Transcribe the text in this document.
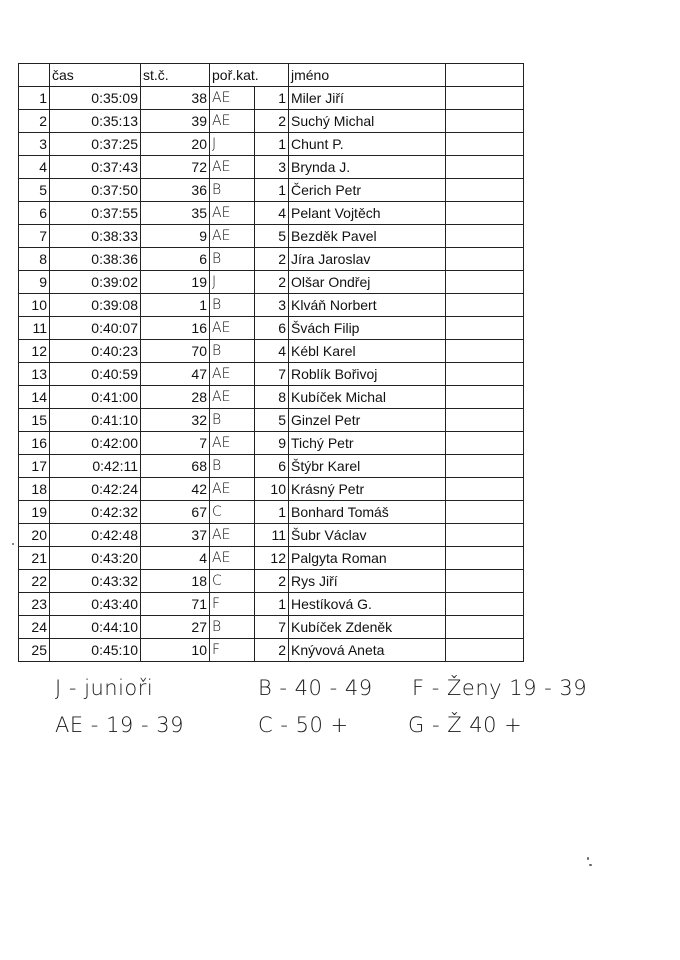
	čas	st.č.	poř.kat.		jméno	
1	0:35:09	38	AE	1	Miler Jiří	
2	0:35:13	39	AE	2	Suchý Michal	
3	0:37:25	20	J	1	Chunt P.	
4	0:37:43	72	AE	3	Brynda J.	
5	0:37:50	36	B	1	Čerich Petr	
6	0:37:55	35	AE	4	Pelant Vojtěch	
7	0:38:33	9	AE	5	Bezděk Pavel	
8	0:38:36	6	B	2	Jíra Jaroslav	
9	0:39:02	19	J	2	Olšar Ondřej	
10	0:39:08	1	B	3	Klváň Norbert	
11	0:40:07	16	AE	6	Švách Filip	
12	0:40:23	70	B	4	Kébl Karel	
13	0:40:59	47	AE	7	Roblík Bořivoj	
14	0:41:00	28	AE	8	Kubíček Michal	
15	0:41:10	32	B	5	Ginzel Petr	
16	0:42:00	7	AE	9	Tichý Petr	
17	0:42:11	68	B	6	Štýbr Karel	
18	0:42:24	42	AE	10	Krásný Petr	
19	0:42:32	67	C	1	Bonhard Tomáš	
20	0:42:48	37	AE	11	Šubr Václav	
21	0:43:20	4	AE	12	Palgyta Roman	
22	0:43:32	18	C	2	Rys Jiří	
23	0:43:40	71	F	1	Hestíková G.	
24	0:44:10	27	B	7	Kubíček Zdeněk	
25	0:45:10	10	F	2	Knývová Aneta	
J - junioři	B - 40 - 49 F - Ženy 19 - 39
AE - 19 - 39	C - 50 +	G - Ž 40 +
